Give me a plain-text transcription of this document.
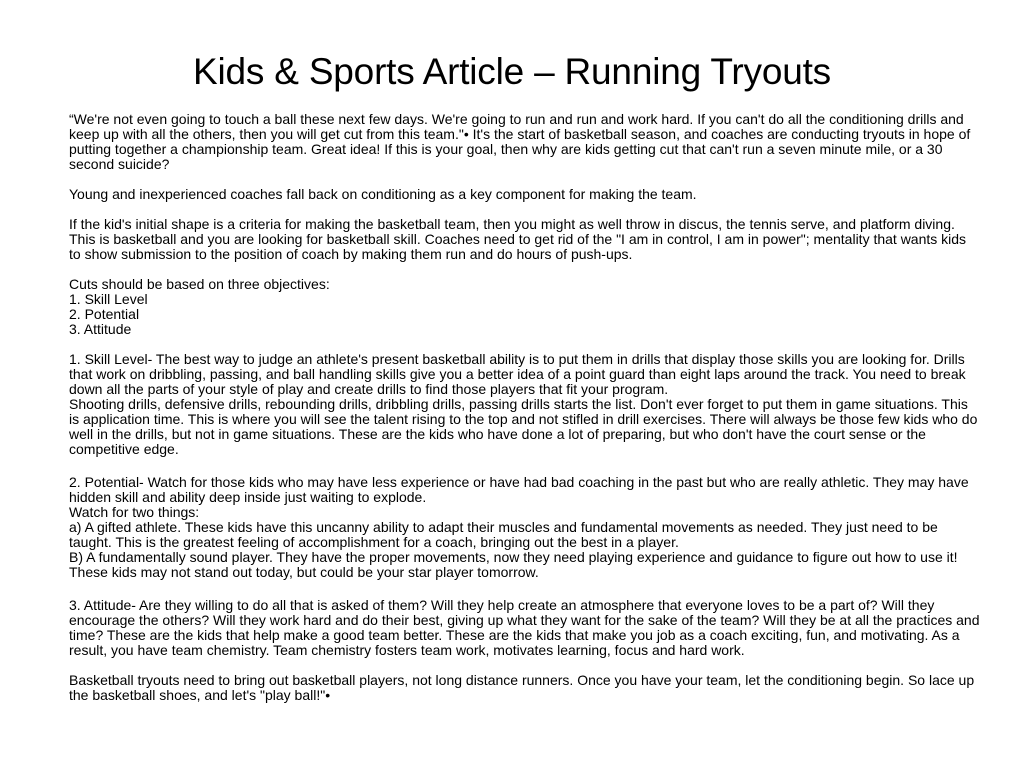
Kids & Sports Article – Running Tryouts

“We're not even going to touch a ball these next few days. We're going to run and run and work hard. If you can't do all the conditioning drills and keep up with all the others, then you will get cut from this team."• It's the start of basketball season, and coaches are conducting tryouts in hope of putting together a championship team. Great idea! If this is your goal, then why are kids getting cut that can't run a seven minute mile, or a 30 second suicide?

Young and inexperienced coaches fall back on conditioning as a key component for making the team.

If the kid's initial shape is a criteria for making the basketball team, then you might as well throw in discus, the tennis serve, and platform diving. This is basketball and you are looking for basketball skill. Coaches need to get rid of the "I am in control, I am in power"; mentality that wants kids to show submission to the position of coach by making them run and do hours of push-ups.

Cuts should be based on three objectives:

1. Skill Level

2. Potential

3. Attitude

1. Skill Level- The best way to judge an athlete's present basketball ability is to put them in drills that display those skills you are looking for. Drills that work on dribbling, passing, and ball handling skills give you a better idea of a point guard than eight laps around the track. You need to break down all the parts of your style of play and create drills to find those players that fit your program.

Shooting drills, defensive drills, rebounding drills, dribbling drills, passing drills starts the list. Don't ever forget to put them in game situations. This is application time. This is where you will see the talent rising to the top and not stifled in drill exercises. There will always be those few kids who do well in the drills, but not in game situations. These are the kids who have done a lot of preparing, but who don't have the court sense or the competitive edge.

2. Potential- Watch for those kids who may have less experience or have had bad coaching in the past but who are really athletic. They may have hidden skill and ability deep inside just waiting to explode.

Watch for two things:

a) A gifted athlete. These kids have this uncanny ability to adapt their muscles and fundamental movements as needed. They just need to be taught. This is the greatest feeling of accomplishment for a coach, bringing out the best in a player.

B) A fundamentally sound player. They have the proper movements, now they need playing experience and guidance to figure out how to use it! These kids may not stand out today, but could be your star player tomorrow.

3. Attitude- Are they willing to do all that is asked of them? Will they help create an atmosphere that everyone loves to be a part of? Will they encourage the others? Will they work hard and do their best, giving up what they want for the sake of the team? Will they be at all the practices and time? These are the kids that help make a good team better. These are the kids that make you job as a coach exciting, fun, and motivating. As a result, you have team chemistry. Team chemistry fosters team work, motivates learning, focus and hard work.

Basketball tryouts need to bring out basketball players, not long distance runners. Once you have your team, let the conditioning begin. So lace up the basketball shoes, and let's "play ball!"•
